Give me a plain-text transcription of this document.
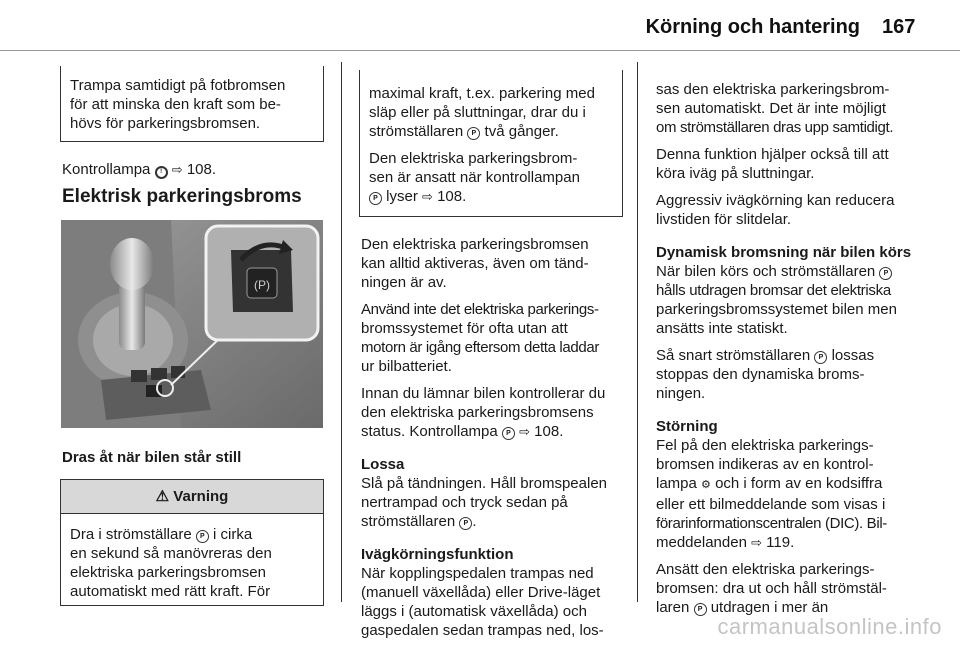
Körning och hantering 167
Trampa samtidigt på fotbromsen
för att minska den kraft som be-
hövs för parkeringsbromsen.

Kontrollampa ! ⇨ 108.

Elektrisk parkeringsbroms
(P)
Dras åt när bilen står still
⚠ Varning
Dra i strömställare P i cirka
en sekund så manövreras den
elektriska parkeringsbromsen
automatiskt med rätt kraft. För

maximal kraft, t.ex. parkering med
släp eller på sluttningar, drar du i
strömställaren P två gånger.

Den elektriska parkeringsbrom-
sen är ansatt när kontrollampan
P lyser ⇨ 108.

Den elektriska parkeringsbromsen
kan alltid aktiveras, även om tänd-
ningen är av.

Använd inte det elektriska parkerings-
bromssystemet för ofta utan att
motorn är igång eftersom detta laddar
ur bilbatteriet.

Innan du lämnar bilen kontrollerar du
den elektriska parkeringsbromsens
status. Kontrollampa P ⇨ 108.

Lossa
Slå på tändningen. Håll bromspealen
nertrampad och tryck sedan på
strömställaren P .

Ivägkörningsfunktion
När kopplingspedalen trampas ned
(manuell växellåda) eller Drive-läget
läggs i (automatisk växellåda) och
gaspedalen sedan trampas ned, los-

sas den elektriska parkeringsbrom-
sen automatiskt. Det är inte möjligt
om strömställaren dras upp samtidigt.

Denna funktion hjälper också till att
köra iväg på sluttningar.

Aggressiv ivägkörning kan reducera
livstiden för slitdelar.

Dynamisk bromsning när bilen körs
När bilen körs och strömställaren P
hålls utdragen bromsar det elektriska
parkeringsbromssystemet bilen men
ansätts inte statiskt.

Så snart strömställaren P lossas
stoppas den dynamiska broms-
ningen.

Störning
Fel på den elektriska parkerings-
bromsen indikeras av en kontrol-
lampa ⚙ och i form av en kodsiffra
eller ett bilmeddelande som visas i
förarinformationscentralen (DIC). Bil-
meddelanden ⇨ 119.

Ansätt den elektriska parkerings-
bromsen: dra ut och håll strömstäl-
laren P utdragen i mer än

carmanualsonline.info
